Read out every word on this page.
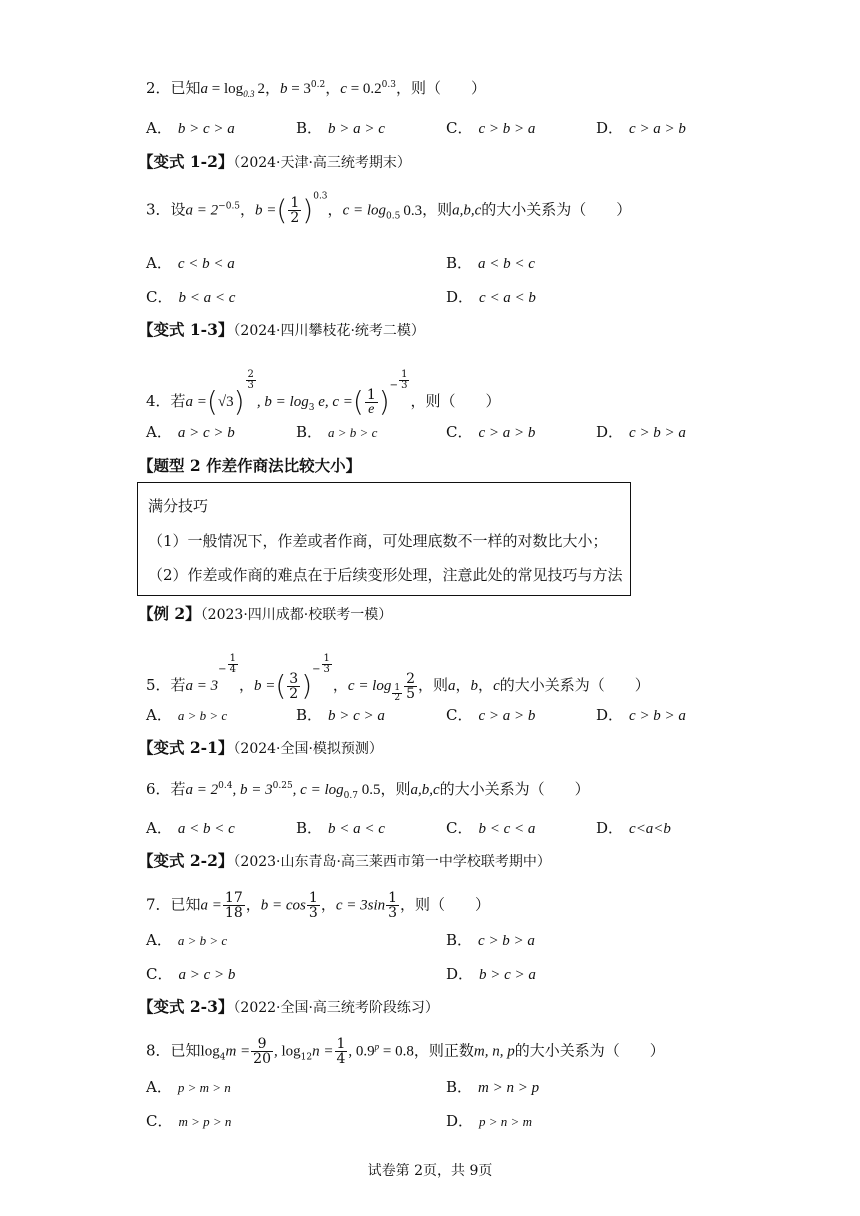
2．已知$a = \log_{0.3} 2$，$b = 3^{0.2}$，$c = 0.2^{0.3}$，则（　　）
A． b > c > a	B． b > a > c	C． c > b > a	D． c > a > b
【变式 1-2】（2024·天津·高三统考期末）
3．设$a = 2^{-0.5}$，b =( $\frac{1}{2} )^{0.3}$，$c = \log_{0.5} 0.3$，则a,b,c的大小关系为（　　）
A． c < b < a	B． a < b < c
C． b < a < c	D． c < a < b
【变式 1-3】（2024·四川攀枝花·统考二模）
4．若a =(√3)
$\frac{2}{3}$
, $b = \log_3 e$, c =( $\frac{1}{e}$ )− $\frac{1}{3}$
，则（　　）
A． a > c > b	B． a > b > c	C． c > a > b	D． c > b > a
【题型 2 作差作商法比较大小】
满分技巧
（1）一般情况下，作差或者作商，可处理底数不一样的对数比大小；
（2）作差或作商的难点在于后续变形处理，注意此处的常见技巧与方法
【例 2】（2023·四川成都·校联考一模）
5．若$a = 3- \frac{1}{4}$
，b =( $\frac{3}{2}$ )− $\frac{1}{3}$
，$c = \log \frac{1}{2} \frac{2}{5}$ ，则a，b，c的大小关系为（　　）
A． a > b > c	B． b > c > a	C． c > a > b	D． c > b > a
【变式 2-1】（2024·全国·模拟预测）
6．若$a = 2^{0.4}$, $b = 3^{0.25}$, $c = \log_{0.7} 0.5$，则a,b,c的大小关系为（　　）
A． a < b < c	B． b < a < c	C． b < c < a	D． c<a<b
【变式 2-2】（2023·山东青岛·高三莱西市第一中学校联考期中）
7．已知$a = \frac{17}{18}$ ，$b = \cos \frac{1}{3}$ ，$c = 3\sin \frac{1}{3}$ ，则（　　）
A． a > b > c	B． c > b > a
C． a > c > b	D． b > c > a
【变式 2-3】（2022·全国·高三统考阶段练习）
8．已知$\log_4m = \frac{9}{20}$ , $\log_{12}n = \frac{1}{4}$ , $0.9^p = 0.8$，则正数m, n, p的大小关系为（　　）
A． p > m > n	B． m > n > p
C． m > p > n	D． p > n > m
试卷第 2页，共 9页
